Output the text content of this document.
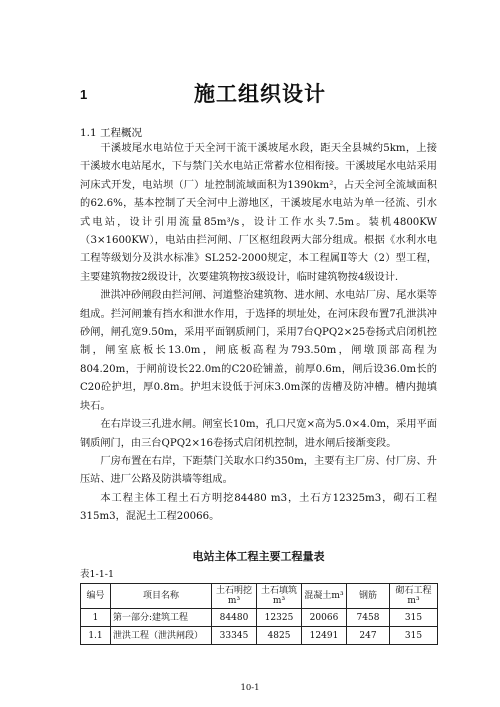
1	施工组织设计
1.1 工程概况

干溪坡尾水电站位于天全河干流干溪坡尾水段，距天全县城约5km，上接干溪坡水电站尾水，下与禁门关水电站正常蓄水位相衔接。干溪坡尾水电站采用河床式开发，电站坝（厂）址控制流域面积为1390km²，占天全河全流域面积的62.6%，基本控制了天全河中上游地区，干溪坡尾水电站为单一径流、引水式电站，设计引用流量85m³/s，设计工作水头7.5m。装机4800KW（3×1600KW），电站由拦河闸、厂区枢纽段两大部分组成。根据《水利水电工程等级划分及洪水标准》SL252-2000规定，本工程属Ⅱ等大（2）型工程，主要建筑物按2级设计，次要建筑物按3级设计，临时建筑物按4级设计.

泄洪冲砂闸段由拦河闸、河道整治建筑物、进水闸、水电站厂房、尾水渠等组成。拦河闸兼有挡水和泄水作用，于选择的坝址处，在河床段布置7孔泄洪冲砂闸，闸孔宽9.50m，采用平面钢质闸门，采用7台QPQ2×25卷扬式启闭机控制，闸室底板长13.0m，闸底板高程为793.50m，闸墩顶部高程为804.20m，于闸前设长22.0m的C20砼铺盖，前厚0.6m，闸后设36.0m长的C20砼护坦，厚0.8m。护坦末设低于河床3.0m深的齿槽及防冲槽。槽内抛填块石。

在右岸设三孔进水闸。闸室长10m，孔口尺宽×高为5.0×4.0m，采用平面钢质闸门，由三台QPQ2×16卷扬式启闭机控制，进水闸后接渐变段。

厂房布置在右岸，下距禁门关取水口约350m，主要有主厂房、付厂房、升压站、进厂公路及防洪墙等组成。

本工程主体工程土石方明挖84480 m3，土石方12325m3，砌石工程315m3，混泥土工程20066。

电站主体工程主要工程量表
表1-1-1
编号	项目名称	土石明挖m³	土石填筑m³	混凝土m³	钢筋	砌石工程m³
1	第一部分:建筑工程	84480	12325	20066	7458	315
1.1	泄洪工程（泄洪闸段）	33345	4825	12491	247	315
10-1
